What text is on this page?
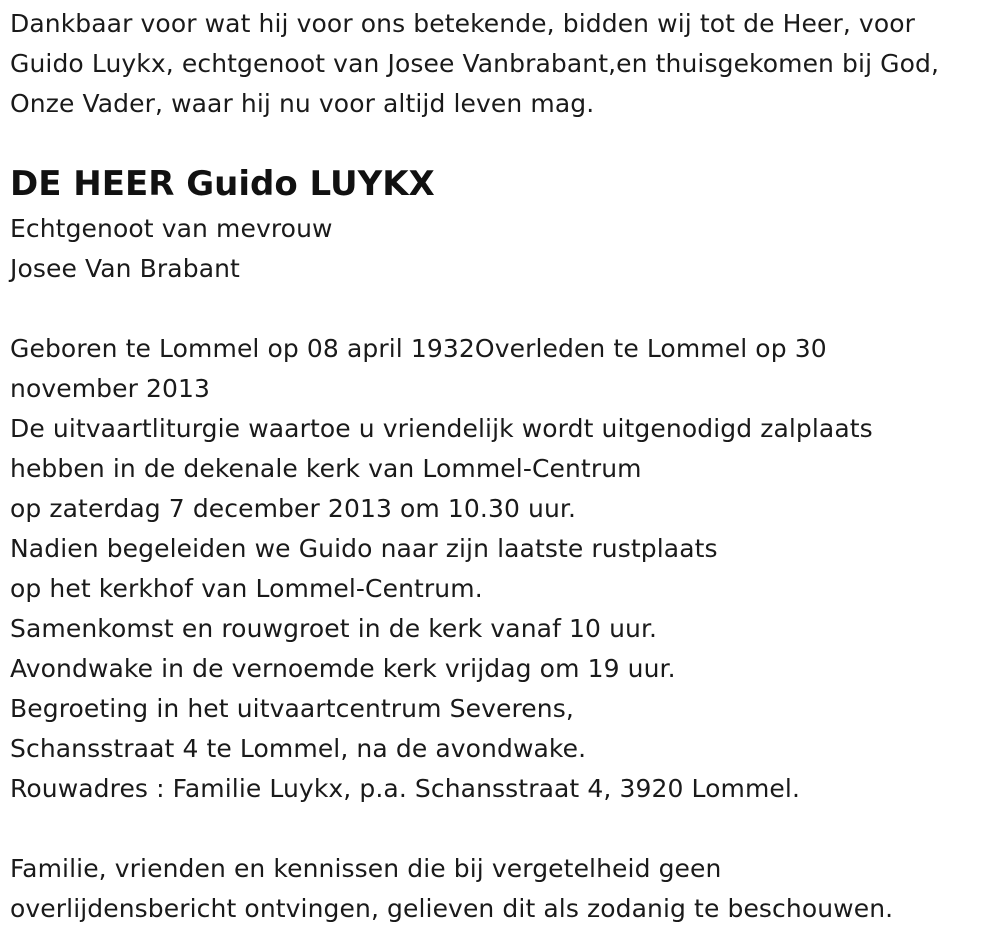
Dankbaar voor wat hij voor ons betekende, bidden wij tot de Heer, voor
Guido Luykx, echtgenoot van Josee Vanbrabant,en thuisgekomen bij God,
Onze Vader, waar hij nu voor altijd leven mag.
DE HEER Guido LUYKX
Echtgenoot van mevrouw
Josee Van Brabant
Geboren te Lommel op 08 april 1932Overleden te Lommel op 30
november 2013
De uitvaartliturgie waartoe u vriendelijk wordt uitgenodigd zalplaats
hebben in de dekenale kerk van Lommel-Centrum
op zaterdag 7 december 2013 om 10.30 uur.
Nadien begeleiden we Guido naar zijn laatste rustplaats
op het kerkhof van Lommel-Centrum.
Samenkomst en rouwgroet in de kerk vanaf 10 uur.
Avondwake in de vernoemde kerk vrijdag om 19 uur.
Begroeting in het uitvaartcentrum Severens,
Schansstraat 4 te Lommel, na de avondwake.
Rouwadres : Familie Luykx, p.a. Schansstraat 4, 3920 Lommel.
Familie, vrienden en kennissen die bij vergetelheid geen
overlijdensbericht ontvingen, gelieven dit als zodanig te beschouwen.
